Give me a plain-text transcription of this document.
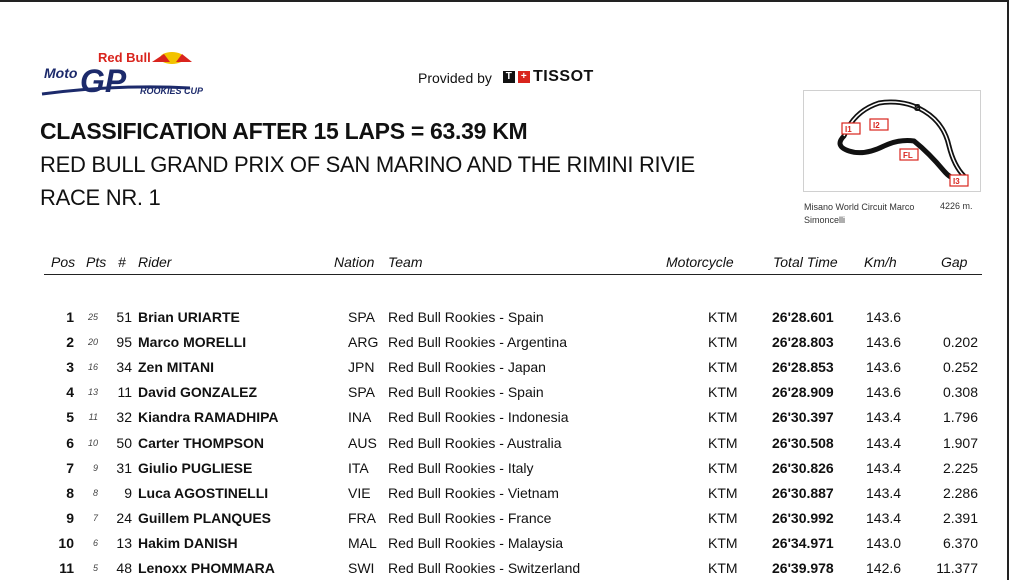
Red Bull
Moto GP ROOKIES CUP
Provided by T + TISSOT
CLASSIFICATION AFTER 15 LAPS = 63.39 KM
RED BULL GRAND PRIX OF SAN MARINO AND THE RIMINI RIVIE
RACE NR. 1
I1	I2
S
FL
I3
Misano World Circuit Marco Simoncelli
4226 m.
Pos Pts # Rider	Nation Team	Motorcycle	Total Time Km/h	Gap
1	25	51 Brian URIARTE	SPA Red Bull Rookies - Spain	KTM 26'28.601 143.6
2	20	95 Marco MORELLI	ARG Red Bull Rookies - Argentina	KTM 26'28.803 143.6	0.202
3	16	34 Zen MITANI	JPN Red Bull Rookies - Japan	KTM 26'28.853 143.6	0.252
4	13	11 David GONZALEZ	SPA Red Bull Rookies - Spain	KTM 26'28.909 143.6	0.308
5	11	32 Kiandra RAMADHIPA	INA Red Bull Rookies - Indonesia	KTM 26'30.397 143.4	1.796
6	10	50 Carter THOMPSON	AUS Red Bull Rookies - Australia	KTM 26'30.508 143.4	1.907
7	9	31 Giulio PUGLIESE	ITA Red Bull Rookies - Italy	KTM 26'30.826 143.4	2.225
8	8	9 Luca AGOSTINELLI	VIE Red Bull Rookies - Vietnam	KTM 26'30.887 143.4	2.286
9	7	24 Guillem PLANQUES	FRA Red Bull Rookies - France	KTM 26'30.992 143.4	2.391
10	6	13 Hakim DANISH	MAL Red Bull Rookies - Malaysia	KTM 26'34.971 143.0	6.370
11	5	48 Lenoxx PHOMMARA	SWI Red Bull Rookies - Switzerland	KTM 26'39.978 142.6	11.377
